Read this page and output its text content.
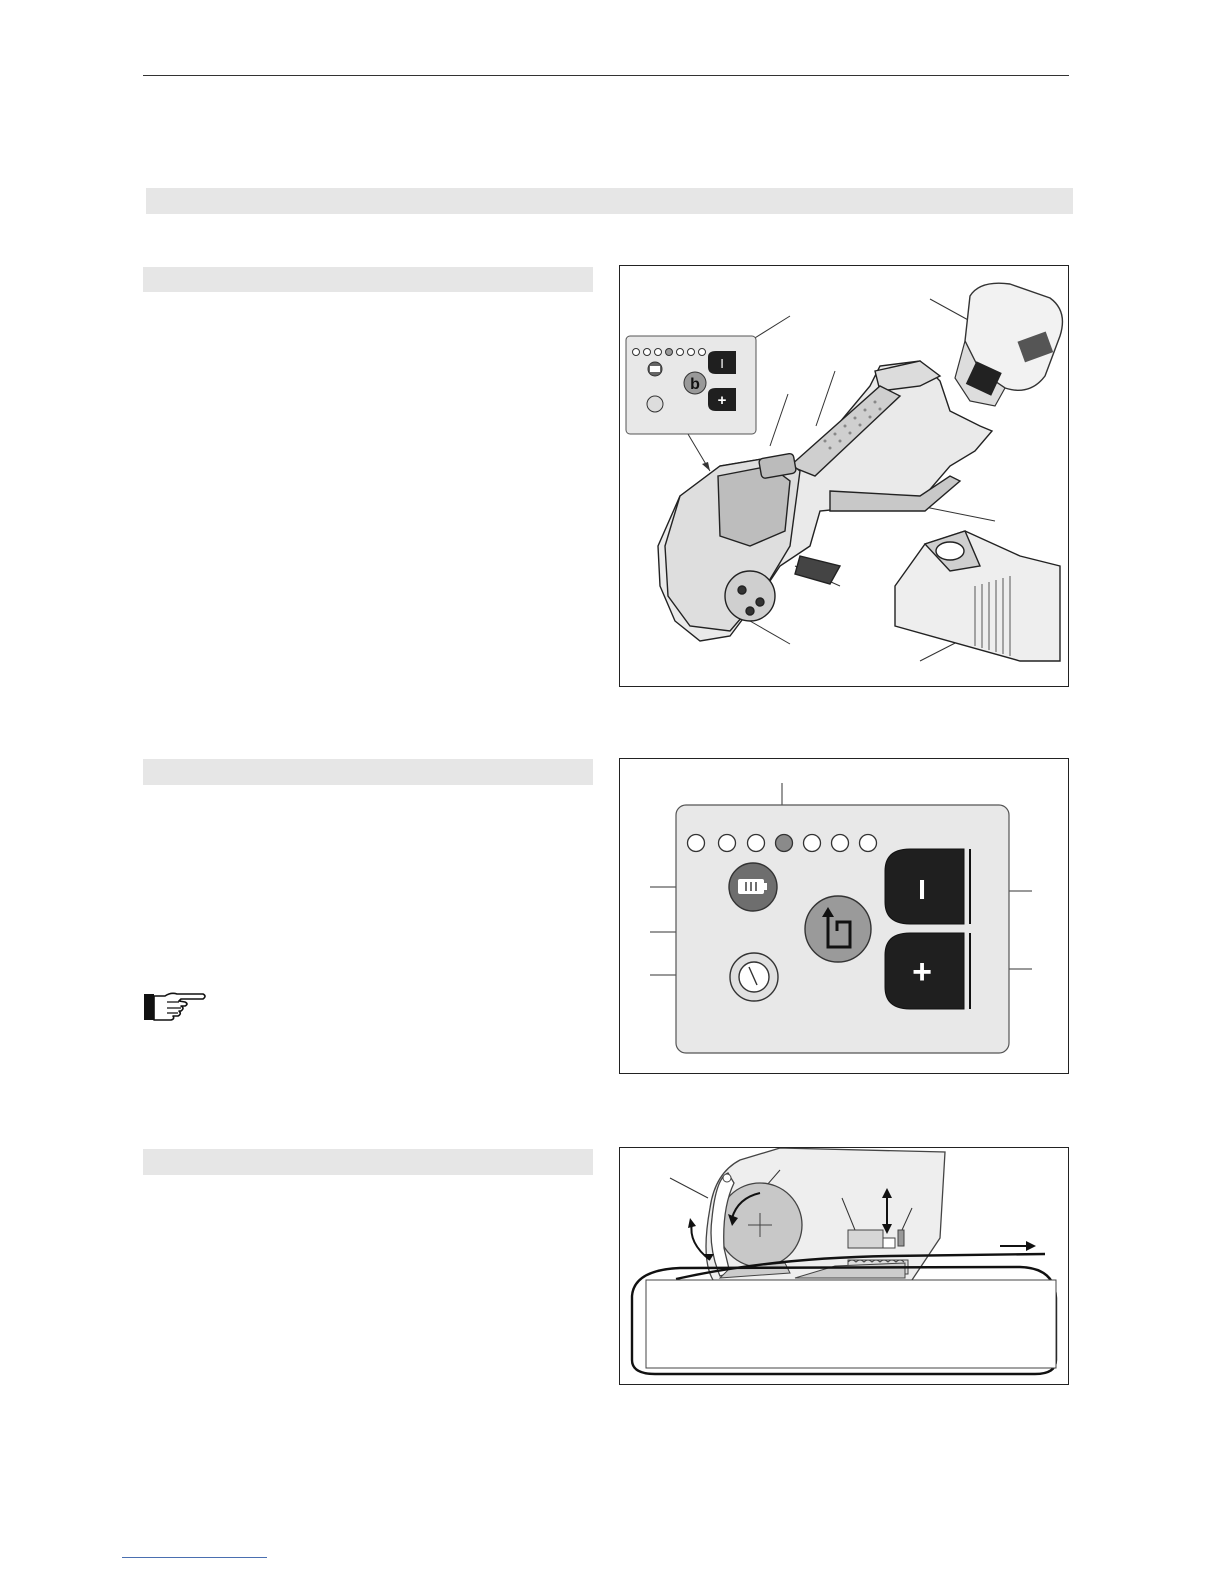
b
I
+
I
+
